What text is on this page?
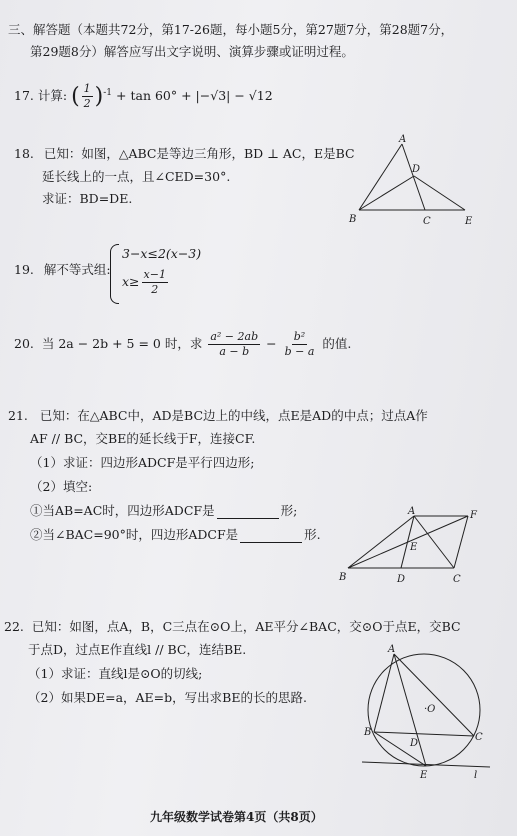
三、解答题（本题共72分，第17-26题，每小题5分，第27题7分，第28题7分，
第29题8分）解答应写出文字说明、演算步骤或证明过程。
17. 计算: ( $\frac{1}{2} )^{-1} + \tan 60^\circ + |-√3| - √12$
18. 已知：如图，△ABC是等边三角形，BD ⊥ AC，E是BC
延长线上的一点，且∠CED=30°.
求证：BD=DE.
A
D
B	C	E
19. 解不等式组:
3−x≤2(x−3)
$x\ge \frac{x-1}{2}$
20. 当 2a − 2b + 5 = 0 时，求 $\frac{\text{a² − 2ab}}{a - b} - \frac{\text{b²}}{b - a}$ 的值.
21. 已知：在△ABC中，AD是BC边上的中线，点E是AD的中点；过点A作
AF // BC，交BE的延长线于F，连接CF.
（1）求证：四边形ADCF是平行四边形;
（2）填空:
①当AB=AC时，四边形ADCF是	形;
②当∠BAC=90°时，四边形ADCF是	形.
A	F
E
B	D	C
22. 已知：如图，点A，B，C三点在⊙O上，AE平分∠BAC，交⊙O于点E，交BC
于点D，过点E作直线l // BC，连结BE.
（1）求证：直线l是⊙O的切线;
（2）如果DE=a，AE=b，写出求BE的长的思路.
A
·O
B
D
C
E	l
九年级数学试卷第4页（共8页）
